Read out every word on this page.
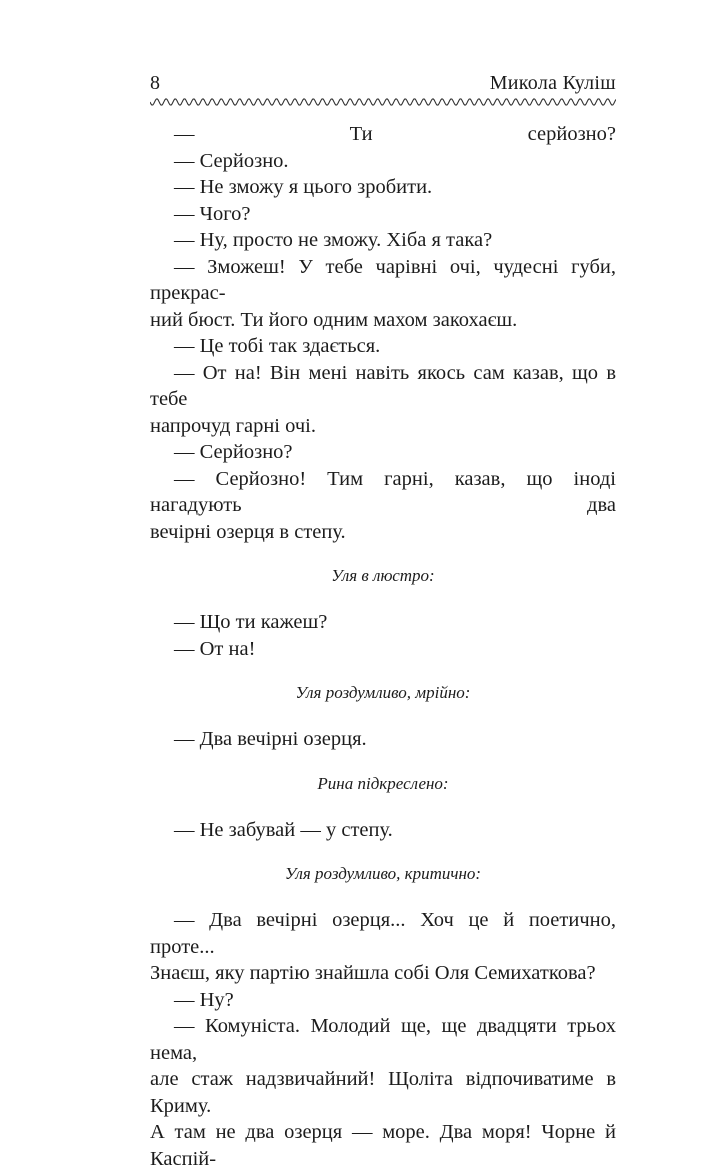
8	Микола Куліш

— Ти серйозно?

— Серйозно.

— Не зможу я цього зробити.

— Чого?

— Ну, просто не зможу. Хіба я така?

— Зможеш! У тебе чарівні очі, чудесні губи, прекрас-

ний бюст. Ти його одним махом закохаєш.

— Це тобі так здається.

— От на! Він мені навіть якось сам казав, що в тебе

напрочуд гарні очі.

— Серйозно?

— Серйозно! Тим гарні, казав, що іноді нагадують два

вечірні озерця в степу.

Уля в люстро:

— Що ти кажеш?

— От на!

Уля роздумливо, мрійно:

— Два вечірні озерця.

Рина підкреслено:

— Не забувай — у степу.

Уля роздумливо, критично:

— Два вечірні озерця... Хоч це й поетично, проте...

Знаєш, яку партію знайшла собі Оля Семихаткова?

— Ну?

— Комуніста. Молодий ще, ще двадцяти трьох нема,

але стаж надзвичайний! Щоліта відпочиватиме в Криму.

А там не два озерця — море. Два моря! Чорне й Каспій-
